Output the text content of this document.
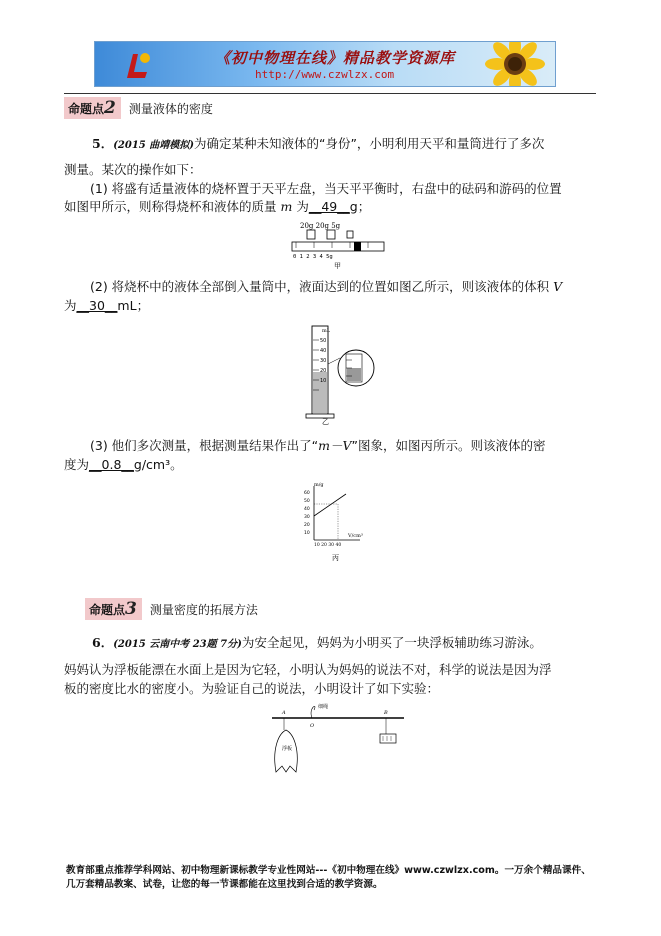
《初中物理在线》精品教学资源库
http://www.czwlzx.com
命题点2 测量液体的密度
5．(2015 曲靖模拟)为确定某种未知液体的“身份”，小明利用天平和量筒进行了多次
测量。某次的操作如下：
(1) 将盛有适量液体的烧杯置于天平左盘，当天平平衡时，右盘中的砝码和游码的位置
如图甲所示，则称得烧杯和液体的质量 m 为__49__g；
20g 20g 5g
0 1 2 3 4 5g
甲
(2) 将烧杯中的液体全部倒入量筒中，液面达到的位置如图乙所示，则该液体的体积 V
为__30__mL；
mL
50
40
30
20
10
乙
(3) 他们多次测量，根据测量结果作出了“m－V”图象，如图丙所示。则该液体的密
度为__0.8__g/cm³。
m/g
V/cm³
60
50
40
30
20
10
10 20 30 40
丙
命题点3 测量密度的拓展方法
6．(2015 云南中考 23题 7分)为安全起见，妈妈为小明买了一块浮板辅助练习游泳。
妈妈认为浮板能漂在水面上是因为它轻，小明认为妈妈的说法不对，科学的说法是因为浮
板的密度比水的密度小。为验证自己的说法，小明设计了如下实验：
细绳
A
O
B
浮板
教育部重点推荐学科网站、初中物理新课标教学专业性网站---《初中物理在线》www.czwlzx.com。一万余个精品课件、
几万套精品教案、试卷，让您的每一节课都能在这里找到合适的教学资源。
